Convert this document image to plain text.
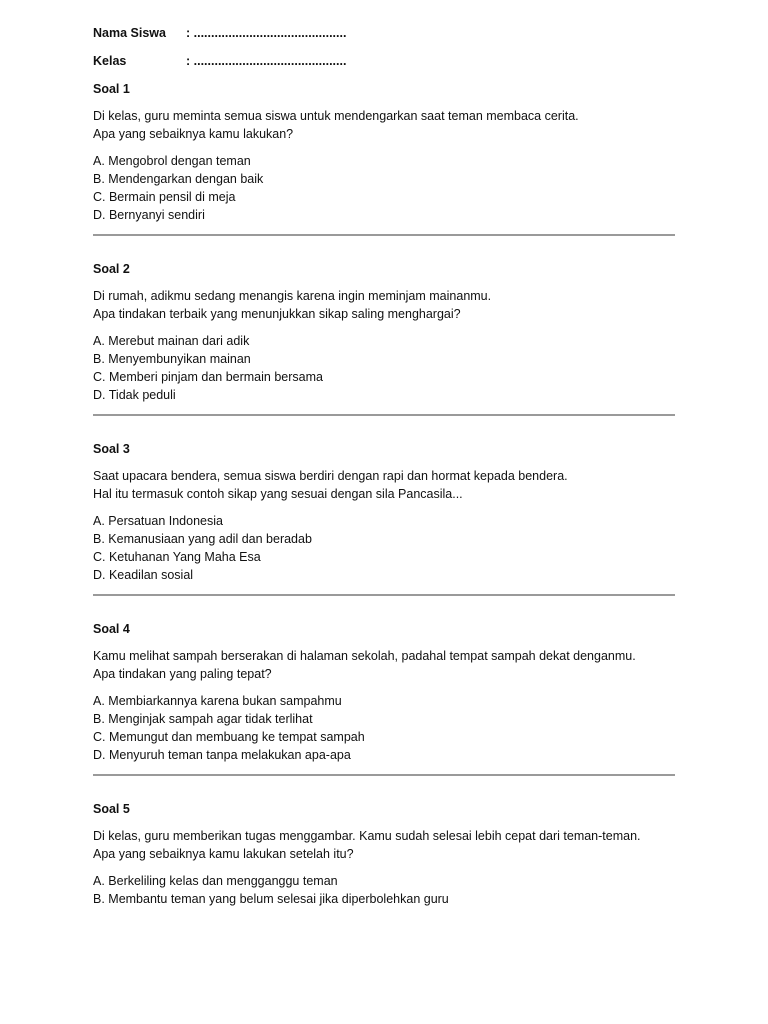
Nama Siswa	: ............................................
Kelas	: ............................................
Soal 1
Di kelas, guru meminta semua siswa untuk mendengarkan saat teman membaca cerita.
Apa yang sebaiknya kamu lakukan?
A. Mengobrol dengan teman
B. Mendengarkan dengan baik
C. Bermain pensil di meja
D. Bernyanyi sendiri
Soal 2
Di rumah, adikmu sedang menangis karena ingin meminjam mainanmu.
Apa tindakan terbaik yang menunjukkan sikap saling menghargai?
A. Merebut mainan dari adik
B. Menyembunyikan mainan
C. Memberi pinjam dan bermain bersama
D. Tidak peduli
Soal 3
Saat upacara bendera, semua siswa berdiri dengan rapi dan hormat kepada bendera.
Hal itu termasuk contoh sikap yang sesuai dengan sila Pancasila...
A. Persatuan Indonesia
B. Kemanusiaan yang adil dan beradab
C. Ketuhanan Yang Maha Esa
D. Keadilan sosial
Soal 4
Kamu melihat sampah berserakan di halaman sekolah, padahal tempat sampah dekat denganmu.
Apa tindakan yang paling tepat?
A. Membiarkannya karena bukan sampahmu
B. Menginjak sampah agar tidak terlihat
C. Memungut dan membuang ke tempat sampah
D. Menyuruh teman tanpa melakukan apa-apa
Soal 5
Di kelas, guru memberikan tugas menggambar. Kamu sudah selesai lebih cepat dari teman-teman.
Apa yang sebaiknya kamu lakukan setelah itu?
A. Berkeliling kelas dan mengganggu teman
B. Membantu teman yang belum selesai jika diperbolehkan guru
